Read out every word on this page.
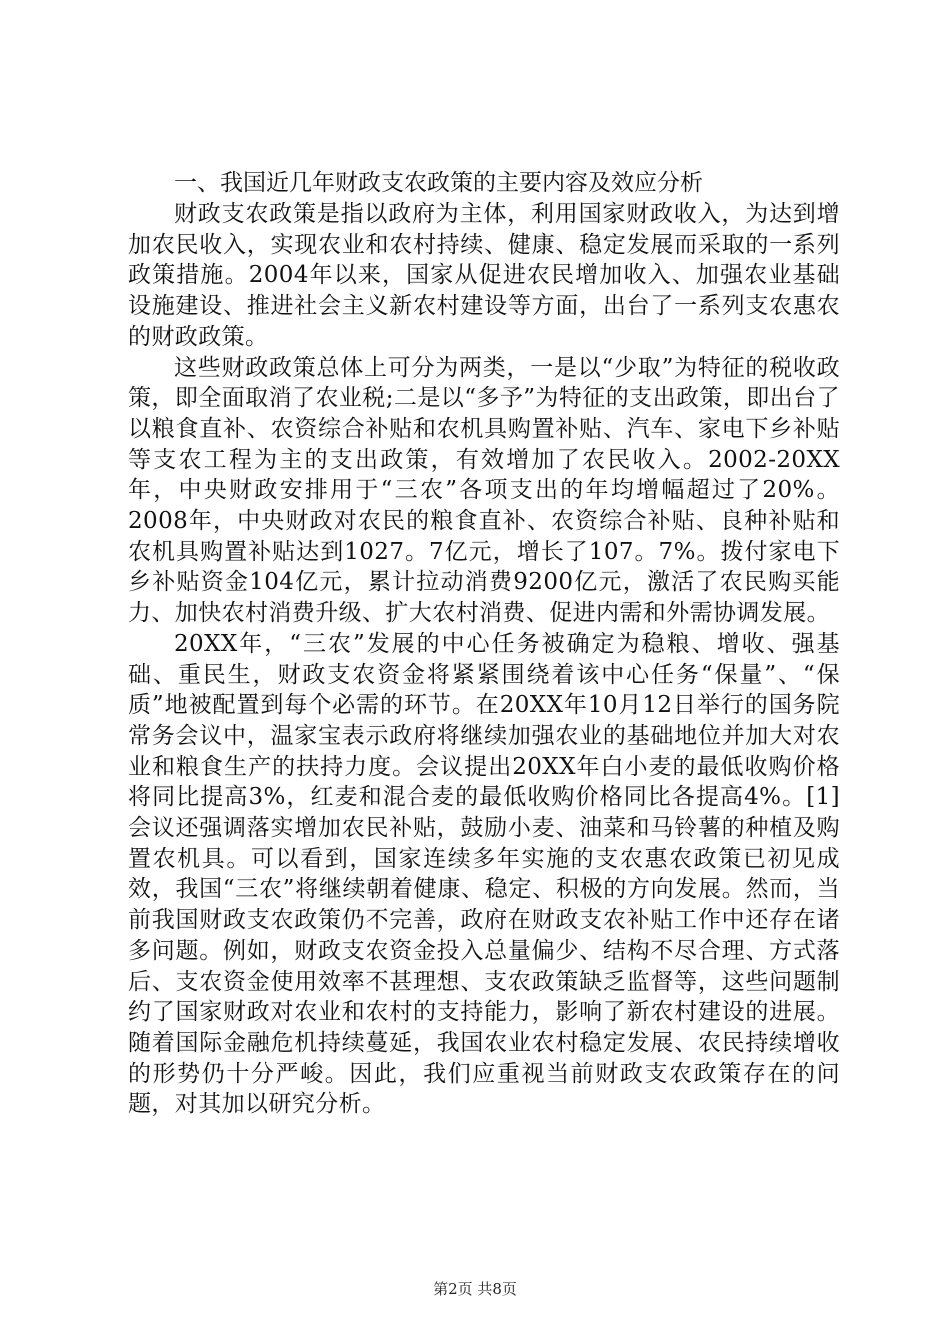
一、我国近几年财政支农政策的主要内容及效应分析

财政支农政策是指以政府为主体，利用国家财政收入，为达到增加农民收入，实现农业和农村持续、健康、稳定发展而采取的一系列政策措施。2004年以来，国家从促进农民增加收入、加强农业基础设施建设、推进社会主义新农村建设等方面，出台了一系列支农惠农的财政政策。

这些财政政策总体上可分为两类，一是以“少取”为特征的税收政策，即全面取消了农业税;二是以“多予”为特征的支出政策，即出台了以粮食直补、农资综合补贴和农机具购置补贴、汽车、家电下乡补贴等支农工程为主的支出政策，有效增加了农民收入。2002-20XX年，中央财政安排用于“三农”各项支出的年均增幅超过了20%。2008年，中央财政对农民的粮食直补、农资综合补贴、良种补贴和农机具购置补贴达到1027。7亿元，增长了107。7%。拨付家电下乡补贴资金104亿元，累计拉动消费9200亿元，激活了农民购买能力、加快农村消费升级、扩大农村消费、促进内需和外需协调发展。

20XX年，“三农”发展的中心任务被确定为稳粮、增收、强基础、重民生，财政支农资金将紧紧围绕着该中心任务“保量”、“保质”地被配置到每个必需的环节。在20XX年10月12日举行的国务院常务会议中，温家宝表示政府将继续加强农业的基础地位并加大对农业和粮食生产的扶持力度。会议提出20XX年白小麦的最低收购价格将同比提高3%，红麦和混合麦的最低收购价格同比各提高4%。[1]会议还强调落实增加农民补贴，鼓励小麦、油菜和马铃薯的种植及购置农机具。可以看到，国家连续多年实施的支农惠农政策已初见成效，我国“三农”将继续朝着健康、稳定、积极的方向发展。然而，当前我国财政支农政策仍不完善，政府在财政支农补贴工作中还存在诸多问题。例如，财政支农资金投入总量偏少、结构不尽合理、方式落后、支农资金使用效率不甚理想、支农政策缺乏监督等，这些问题制约了国家财政对农业和农村的支持能力，影响了新农村建设的进展。随着国际金融危机持续蔓延，我国农业农村稳定发展、农民持续增收的形势仍十分严峻。因此，我们应重视当前财政支农政策存在的问题，对其加以研究分析。

第2页 共8页
